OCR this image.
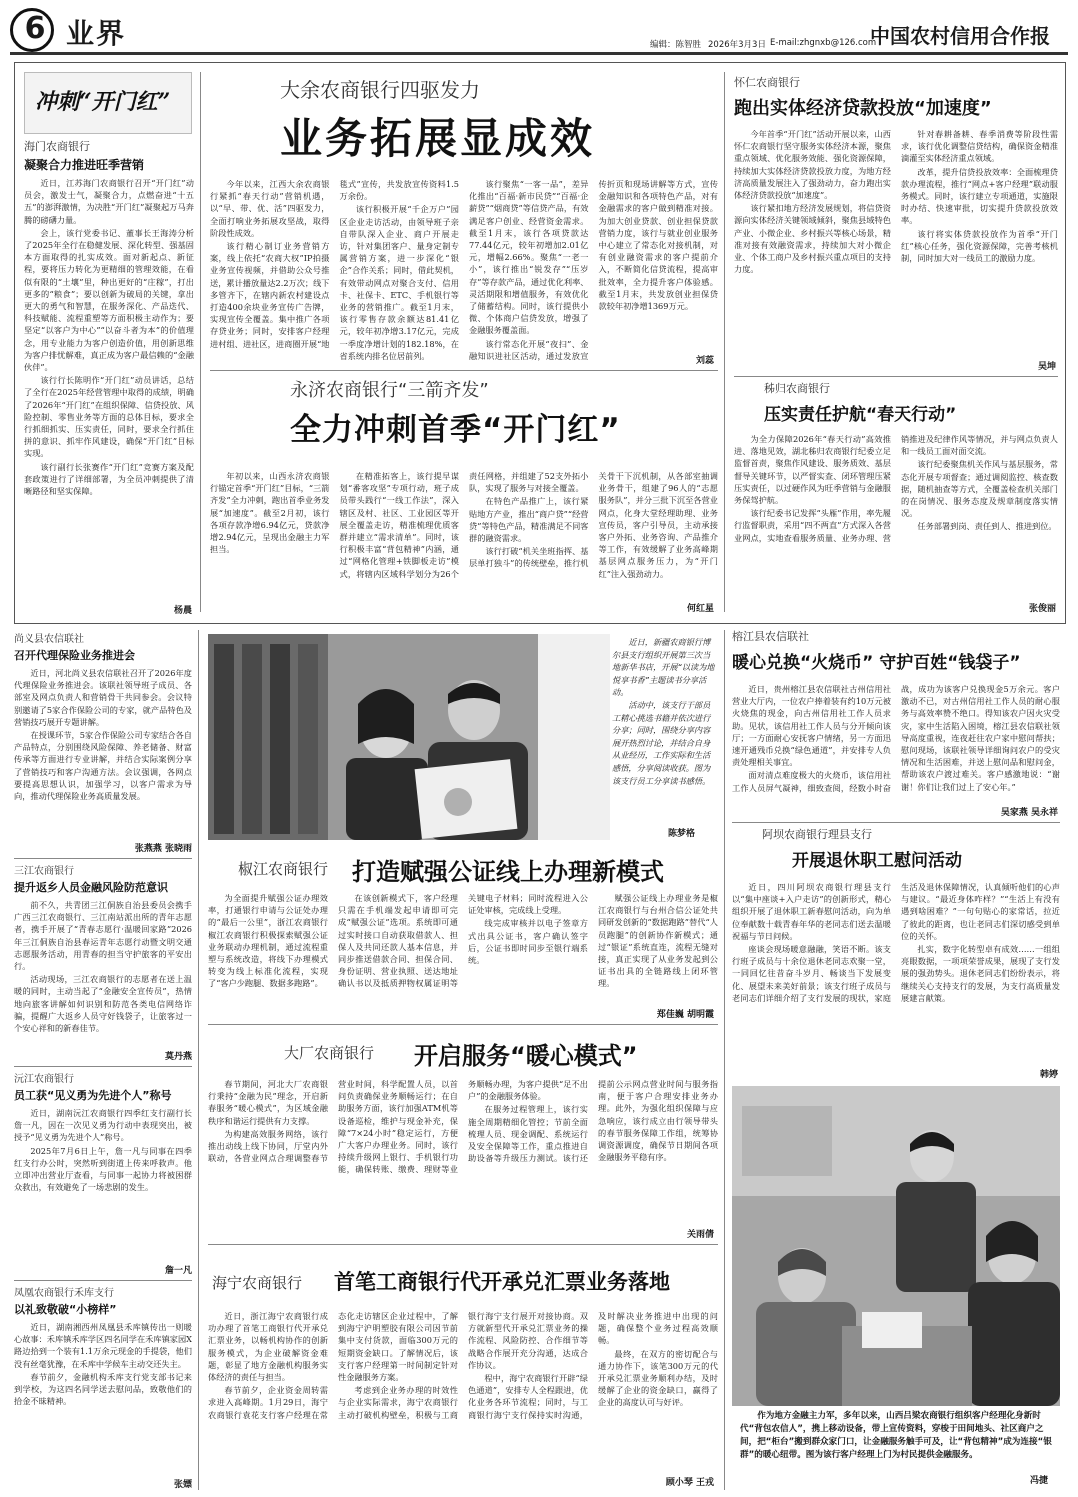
6 业界	编辑：陈智胜 2026年3月3日 E-mail:zhgnxb@126.com
中国农村信用合作报
冲刺“开门红”
海门农商银行
凝聚合力推进旺季营销

近日，江苏海门农商银行召开“开门红”动员会，激发士气，凝聚合力，点燃奋进“十五五”的澎湃激情，为决胜“开门红”凝聚起万马奔腾的磅礴力量。

会上，该行党委书记、董事长王海涛分析了2025年全行在稳健发展、深化转型、强基固本方面取得的扎实成效。面对新起点、新征程，要将压力转化为更精细的管理效能，在看似有限的“土壤”里，种出更好的“庄稼”，打出更多的“粮食”；要以创新为破局的关键，拿出更大的勇气和智慧，在服务深化、产品迭代、科技赋能、流程重塑等方面积极主动作为；要坚定“以客户为中心”“以奋斗者为本”的价值理念，用专业能力为客户创造价值，用创新思维为客户排忧解难，真正成为客户最信赖的“金融伙伴”。

该行行长陈明作“开门红”动员讲话，总结了全行在2025年经营管理中取得的成绩，明确了2026年“开门红”在组织保障、信贷投放、风险控制、零售业务等方面的总体目标，要求全行抓细抓实、压实责任，同时，要求全行抓住拼的意识、抓牢作风建设，确保“开门红”目标实现。

该行副行长张赛作“开门红”竞赛方案及配套政策进行了详细部署，为全员冲刺提供了清晰路径和坚实保障。

杨晨
大余农商银行四驱发力
业务拓展显成效

今年以来，江西大余农商银行紧抓“春天行动”营销机遇，以“早、带、优、活”四驱发力，全面打响业务拓展攻坚战，取得阶段性成效。

该行精心制订业务营销方案，线上依托“农商大权”IP拍摄业务宣传视频，并借助公众号推送，累计播放量达2.2万次；线下多管齐下，在辖内新农村建设点打造400余块业务宣传广告牌，实现宣传全覆盖。集中推广各项存贷业务；同时，安排客户经理进村组、进社区，进商圈开展“地毯式”宣传，共发放宣传资料1.5万余份。

该行积极开展“千企万户”园区企业走访活动，由领导班子亲自带队深入企业、商户开展走访，针对集团客户、量身定制专属营销方案，进一步深化“银企”合作关系；同时，借此契机，有效带动网点对聚合支付、信用卡、社保卡、ETC、手机银行等业务的营销推广。截至1月末，该行零售存款余额达81.41亿元，较年初净增3.17亿元，完成一季度净增计划的182.18%，在省系统内排名位居前列。

该行聚焦“一客一品”，差异化推出“百福·新市民贷”“百福·企薪贷”“烟商贷”等信贷产品，有效满足客户创业、经营资金需求。截至1月末，该行各项贷款达77.44亿元，较年初增加2.01亿元，增幅2.66%。聚焦“一老一小”，该行推出“锐发存”“压岁存”等存款产品，通过优化利率、灵活期限和增值服务，有效优化了储蓄结构。同时，该行提供小微、个体商户信贷发放，增强了金融服务覆盖面。

该行常态化开展“夜扫”、金融知识进社区活动，通过发放宣传折页和现场讲解等方式，宣传金融知识和各项特色产品，对有金融需求的客户做到精准对接。为加大创业贷款、创业担保贷款营销力度，该行与就业创业服务中心建立了常态化对接机制，对有创业融资需求的客户提前介入，不断简化信贷流程，提高审批效率，全力提升客户体验感。截至1月末，共发放创业担保贷款较年初净增1369万元。

刘蕊
永济农商银行“三箭齐发”
全力冲刺首季“开门红”

年初以来，山西永济农商银行锚定首季“开门红”目标，“三箭齐发”全力冲刺，跑出首季业务发展“加速度”。截至2月初，该行各项存款净增6.94亿元，贷款净增2.94亿元，呈现出金融主力军担当。

在精准拓客上，该行提早谋划“番客攻坚”专项行动，班子成员带头践行“一线工作法”，深入辖区及村、社区、工业园区等开展全覆盖走访，精准梳理优质客群并建立“需求清单”。同时，该行积极丰富“背包精神”内涵，通过“网格化管理+铁脚板走访”模式，将辖内区域科学划分为26个责任网格，并组建了52支外拓小队，实现了服务与对接全覆盖。

在特色产品推广上，该行紧贴地方产业，推出“商户贷”“经营贷”等特色产品，精准满足不同客群的融资需求。

该行打破“机关坐班指挥、基层单打独斗”的传统壁垒，推行机关骨干下沉机制，从各部室抽调业务骨干，组建了96人的“志愿服务队”，并分三批下沉至各营业网点，化身大堂经理助理、业务宣传员，客户引导员，主动承接客户外拓、业务咨询、产品推介等工作，有效缓解了业务高峰期基层网点服务压力，为“开门红”注入强劲动力。

何红星
怀仁农商银行
跑出实体经济贷款投放“加速度”

今年首季“开门红”活动开展以来，山西怀仁农商银行坚守服务实体经济本源，聚焦重点领域、优化服务效能、强化资源保障，持续加大实体经济贷款投放力度，为地方经济高质量发展注入了强劲动力，奋力跑出实体经济贷款投放“加速度”。

该行紧扣地方经济发展规划，将信贷资源向实体经济关键领域倾斜，聚焦县域特色产业、小微企业、乡村振兴等核心场景，精准对接有效融资需求，持续加大对小微企业、个体工商户及乡村振兴重点项目的支持力度。

针对春耕备耕、春季消费等阶段性需求，该行优化调整信贷结构，确保资金精准滴灌至实体经济重点领域。

改革，提升信贷投放效率：全面梳理贷款办理流程，推行“网点+客户经理”联动服务模式。同时，该行建立专项通道，实施限时办结、快速审批，切实提升贷款投放效率。

该行将实体贷款投放作为首季“开门红”核心任务，强化资源保障，完善考核机制，同时加大对一线员工的激励力度。

吴坤
秭归农商银行
压实责任护航“春天行动”

为全力保障2026年“春天行动”高效推进、落地见效，湖北秭归农商银行纪委立足监督首责，聚焦作风建设、服务质效、基层督导关键环节，以严督实查、闭环管理压紧压实责任，以过硬作风为旺季营销与金融服务保驾护航。

该行纪委书记发挥“头雁”作用，率先履行监督职责，采用“四不两直”方式深入各营业网点，实地查看服务质量、业务办理、营销推进及纪律作风等情况，并与网点负责人和一线员工面对面交流。

该行纪委聚焦机关作风与基层服务，常态化开展专项督查；通过调阅监控、核查数据，随机抽查等方式，全覆盖检查机关部门的在岗情况、服务态度及规章制度落实情况。

任务部署到岗、责任到人、推进到位。

张俊丽
尚义县农信联社
召开代理保险业务推进会

近日，河北尚义县农信联社召开了2026年度代理保险业务推进会。该联社领导班子成员、各部室及网点负责人和营销骨干共同参会。会议特别邀请了5家合作保险公司的专家，就产品特色及营销技巧展开专题讲解。

在授课环节，5家合作保险公司专家结合各自产品特点，分别围绕风险保障、养老储备、财富传承等方面进行专业讲解，并结合实际案例分享了营销技巧和客户沟通方法。会议强调，各网点要提高思想认识，加强学习，以客户需求为导向，推动代理保险业务高质量发展。

张燕燕 张晓雨
三江农商银行
提升返乡人员金融风险防范意识

前不久，共青团三江侗族自治县委员会携手广西三江农商银行、三江南站派出所的青年志愿者，携手开展了“青春志愿行·温暖回家路”2026年三江侗族自治县春运青年志愿行动暨文明交通志愿服务活动，用青春的担当守护旅客的平安出行。

活动现场，三江农商银行的志愿者在送上温暖的同时，主动当起了“金融安全宣传员”，热情地向旅客讲解如何识别和防范各类电信网络诈骗，提醒广大返乡人员守好钱袋子，让旅客过一个安心祥和的新春佳节。

莫丹燕
沅江农商银行
员工获“见义勇为先进个人”称号

近日，湖南沅江农商银行四季红支行副行长詹一凡，因在一次见义勇为行动中表现突出，被授予“见义勇为先进个人”称号。

2025年7月6日上午，詹一凡与同事在四季红支行办公时，突然听到街道上传来呼救声。他立即冲出营业厅查看，与同事一起协力将被困群众救出，有效避免了一场悲剧的发生。

詹一凡
凤凰农商银行禾库支行
以礼致敬破“小榜样”

近日，湖南湘西州凤凰县禾库镇传出一则暖心故事：禾库镇禾库学区四名同学在禾库镇家园X路边拾到一个装有1.1万余元现金的手提袋，他们没有丝毫犹豫，在禾库中学候车主动交还失主。

春节前夕，金融机构禾库支行党支部书记来到学校，为这四名同学送去慰问品，致敬他们的拾金不昧精神。

张嫖

近日，新疆农商银行博尔县支行组织开展第三次当地新华书店，开展“以读为地 悦享书香”主题读书分享活动。

活动中，该支行干部员工精心挑选书籍并依次进行分享；同时，围绕分享内容展开热烈讨论，并结合自身从业经历，工作实际和生活感悟，分享阅读收获。图为该支行员工分享读书感悟。

陈梦格
椒江农商银行 打造赋强公证线上办理新模式

为全面提升赋强公证办理效率，打通银行申请与公证处办理的“最后一公里”，浙江农商银行椒江农商银行积极探索赋强公证业务联动办理机制，通过流程重塑与系统改造，将线下办理模式转变为线上标准化流程，实现了“客户少跑腿、数据多跑路”。

在该创新模式下，客户经理只需在手机端发起申请即可完成“赋强公证”选项。系统即可通过实时接口自动获取借款人、担保人及共同还款人基本信息，并同步推送借款合同、担保合同、身份证明、营业执照、送达地址确认书以及抵质押物权属证明等关键电子材料；同时流程进入公证处审核，完成线上受理。

线完成审核并以电子签章方式出具公证书，客户确认签字后，公证书即时同步至银行端系统。

赋强公证线上办理业务是椒江农商银行与台州合信公证处共同研发创新的“数据跑路”替代“人员跑腿”的创新协作新模式；通过“银证”系统直连，流程无缝对接，真正实现了从业务发起到公证书出具的全链路线上闭环管理。

郑佳巍 胡明霞
大厂农商银行 开启服务“暖心模式”

春节期间，河北大厂农商银行秉持“金融为民”理念，开启新春服务“暖心模式”，为区域金融秩序和谐运行提供有力支撑。

为构建高效服务网络，该行推出动线上线下协同，厅堂内外联动，各营业网点合理调整春节营业时间，科学配置人员，以首问负责确保业务顺畅运行；在自助服务方面，该行加强ATM机等设备巡检，维护与现金补充，保障“7×24小时”稳定运行，方便广大客户办理业务。同时，该行持续升级网上银行、手机银行功能，确保转账、缴费、理财等业务顺畅办理，为客户提供“足不出户”的金融服务体验。

在服务过程管理上，该行实施全周期精细化管控；节前全面梳理人员、现金调配、系统运行及安全保障等工作，重点推进自助设备等升级压力测试。该行还提前公示网点营业时间与服务指南，便于客户合理安排业务办理。此外，为强化组织保障与应急响应，该行成立由行领导带头的春节服务保障工作组，统筹协调资源调度，确保节日期间各项金融服务平稳有序。

关雨倩
海宁农商银行 首笔工商银行代开承兑汇票业务落地

近日，浙江海宁农商银行成功办理了首笔工商银行代开承兑汇票业务，以畅机构协作的创新服务模式，为企业破解资金难题，彰显了地方金融机构服务实体经济的责任与担当。

春节前夕，企业资金周转需求进入高峰期。1月29日，海宁农商银行袁花支行客户经理在常态化走访辖区企业过程中，了解到海宁沪明塑胶有限公司因节前集中支付货款，面临300万元的短期资金缺口。了解情况后，该支行客户经理第一时间制定针对性金融服务方案。

考虑到企业务办理的时效性与企业实际需求，海宁农商银行主动打破机构壁垒，积极与工商银行海宁支行展开对接协商。双方就新型代开承兑汇票业务的操作流程、风险防控、合作细节等战略合作展开充分沟通，达成合作协议。

程中，海宁农商银行开辟“绿色通道”，安排专人全程跟进，优化业务各环节流程；同时，与工商银行海宁支行保持实时沟通，及时解决业务推进中出现的问题，确保整个业务过程高效顺畅。

最终，在双方的密切配合与通力协作下，该笔300万元的代开承兑汇票业务顺利办结，及时缓解了企业的资金缺口，赢得了企业的高度认可与好评。

顾小琴 王戎
榕江县农信联社
暖心兑换“火烧币” 守护百姓“钱袋子”

近日，贵州榕江县农信联社古州信用社营业大厅内，一位农户捧着装有约10万元被火烧焦的现金，向古州信用社工作人员求助。见状，该信用社工作人员与分开倾向该厅；一方面耐心安抚客户情绪，另一方面迅速开通残币兑换“绿色通道”，并安排专人负责处理相关事宜。

面对清点难度极大的火烧币，该信用社工作人员屏气凝神，细致查阅，经数小时奋战，成功为该客户兑换现金5万余元。客户激动不已，对古州信用社工作人员的耐心服务与高效率赞不绝口。得知该农户因火灾受灾，家中生活陷入困境，榕江县农信联社领导高度重视，连夜赶往农户家中慰问帮扶；慰问现场，该联社领导详细询问农户的受灾情况和生活困难，并送上慰问品和慰问金，帮助该农户渡过难关。客户感激地说：“谢谢！你们让我们过上了安心年。”

吴家燕 吴永祥
阿坝农商银行理县支行
开展退休职工慰问活动

近日，四川阿坝农商银行理县支行以“集中座谈+入户走访”的创新形式，精心组织开展了退休职工新春慰问活动，向为单位奉献数十载青春年华的老同志们送去温暖祝福与节日问候。

座谈会现场暖意融融，笑语不断。该支行班子成员与十余位退休老同志欢聚一堂，一同回忆往昔奋斗岁月、畅谈当下发展变化、展望未来美好前景；该支行班子成员与老同志们详细介绍了支行发展的现状，家庭生活及退休保障情况，认真倾听他们的心声与建议。“最近身体咋样？”“生活上有没有遇到啥困难？”一句句贴心的家常话，拉近了彼此的距离，也让老同志们深切感受到单位的关怀。

扎实，数字化转型卓有成效……一组组亮眼数据，一项项荣誉成果，展现了支行发展的强劲势头。退休老同志们纷纷表示，将继续关心支持支行的发展，为支行高质量发展建言献策。

韩婷
作为地方金融主力军，多年以来，山西吕梁农商银行组织客户经理化身新时代“背包农信人”，携上移动设备，带上宣传资料，穿梭于田间地头、社区商户之间，把“柜台”搬到群众家门口，让金融服务触手可及，让“背包精神”成为连接“银群”的暖心纽带。图为该行客户经理上门为村民提供金融服务。
冯捷
